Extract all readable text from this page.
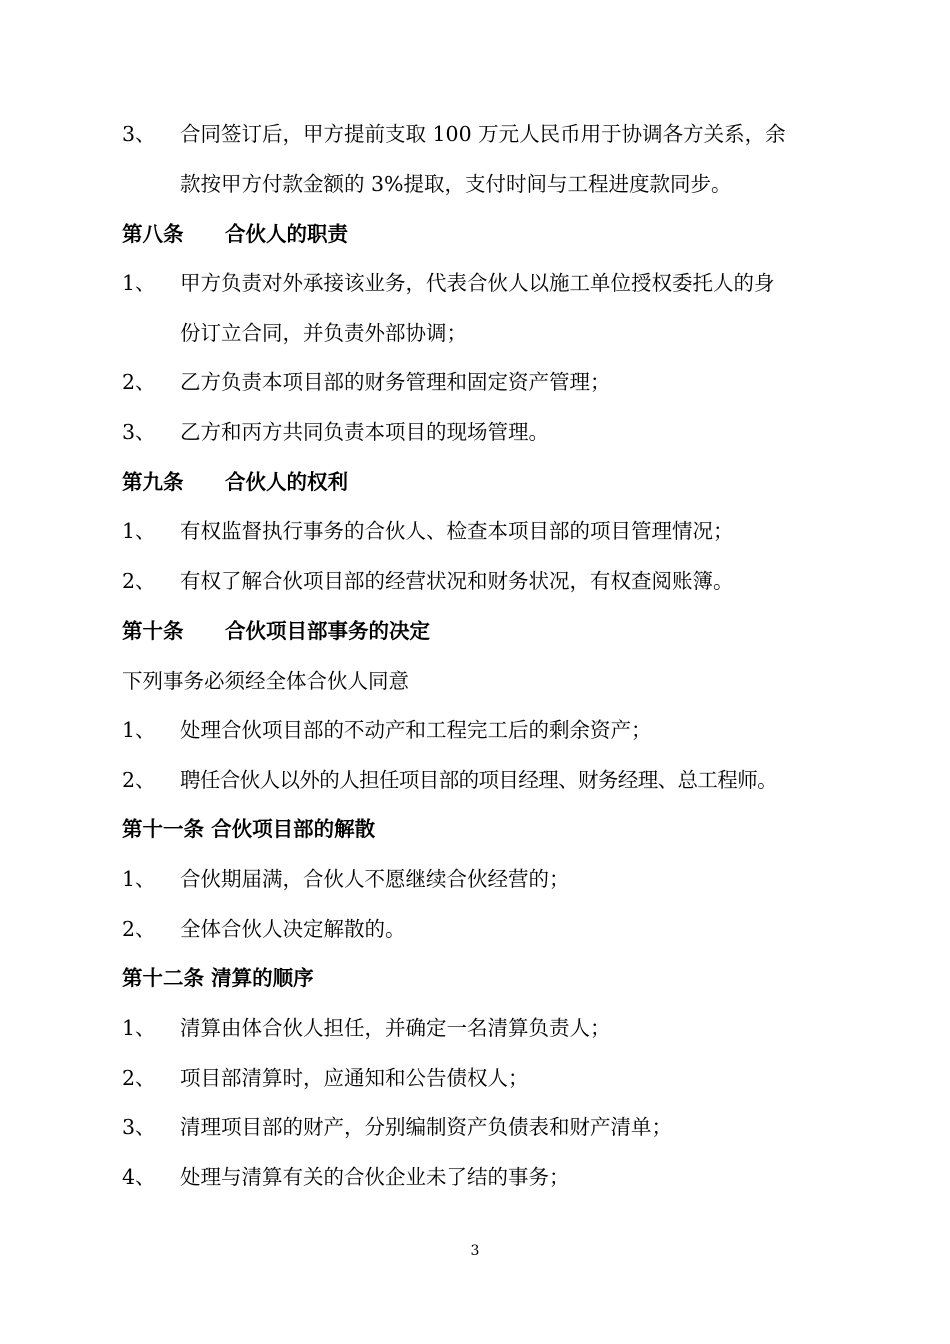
3、 合同签订后，甲方提前支取 100 万元人民币用于协调各方关系，余
款按甲方付款金额的 3%提取，支付时间与工程进度款同步。
第八条 合伙人的职责
1、 甲方负责对外承接该业务，代表合伙人以施工单位授权委托人的身
份订立合同，并负责外部协调；
2、 乙方负责本项目部的财务管理和固定资产管理；
3、 乙方和丙方共同负责本项目的现场管理。
第九条 合伙人的权利
1、 有权监督执行事务的合伙人、检查本项目部的项目管理情况；
2、 有权了解合伙项目部的经营状况和财务状况，有权查阅账簿。
第十条 合伙项目部事务的决定
下列事务必须经全体合伙人同意
1、 处理合伙项目部的不动产和工程完工后的剩余资产；
2、 聘任合伙人以外的人担任项目部的项目经理、财务经理、总工程师。
第十一条 合伙项目部的解散
1、 合伙期届满，合伙人不愿继续合伙经营的；
2、 全体合伙人决定解散的。
第十二条 清算的顺序
1、 清算由体合伙人担任，并确定一名清算负责人；
2、 项目部清算时，应通知和公告债权人；
3、 清理项目部的财产，分别编制资产负债表和财产清单；
4、 处理与清算有关的合伙企业未了结的事务；
3
